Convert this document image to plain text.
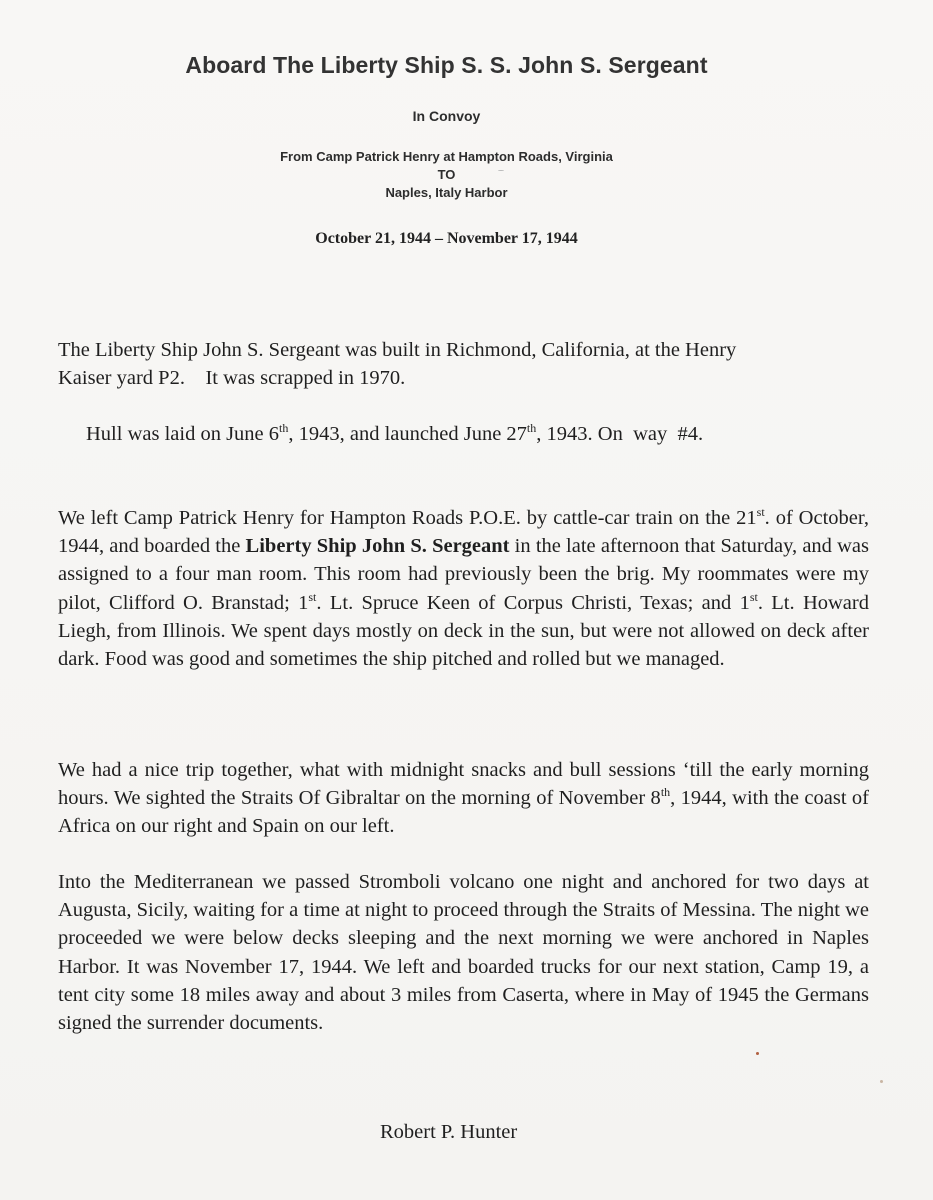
Aboard The Liberty Ship S. S. John S. Sergeant
In Convoy
From Camp Patrick Henry at Hampton Roads, Virginia
TO
Naples, Italy Harbor
October 21, 1944 – November 17, 1944
The Liberty Ship John S. Sergeant was built in Richmond, California, at the Henry
Kaiser yard P2.    It was scrapped in 1970.
Hull was laid on June 6th, 1943, and launched June 27th, 1943. On  way  #4.
We left Camp Patrick Henry for Hampton Roads P.O.E. by cattle-car train on the 21st. of October, 1944, and boarded the Liberty Ship John S. Sergeant in the late afternoon that Saturday, and was assigned to a four man room. This room had previously been the brig. My roommates were my pilot, Clifford O. Branstad; 1st. Lt. Spruce Keen of Corpus Christi, Texas; and 1st. Lt. Howard Liegh, from Illinois. We spent days mostly on deck in the sun, but were not allowed on deck after dark. Food was good and sometimes the ship pitched and rolled but we managed.
We had a nice trip together, what with midnight snacks and bull sessions ‘till the early morning hours. We sighted the Straits Of Gibraltar on the morning of November 8th, 1944, with the coast of Africa on our right and Spain on our left.
Into the Mediterranean we passed Stromboli volcano one night and anchored for two days at Augusta, Sicily, waiting for a time at night to proceed through the Straits of Messina. The night we proceeded we were below decks sleeping and the next morning we were anchored in Naples Harbor. It was November 17, 1944. We left and boarded trucks for our next station, Camp 19, a tent city some 18 miles away and about 3 miles from Caserta, where in May of 1945 the Germans signed the surrender documents.
Robert P. Hunter
